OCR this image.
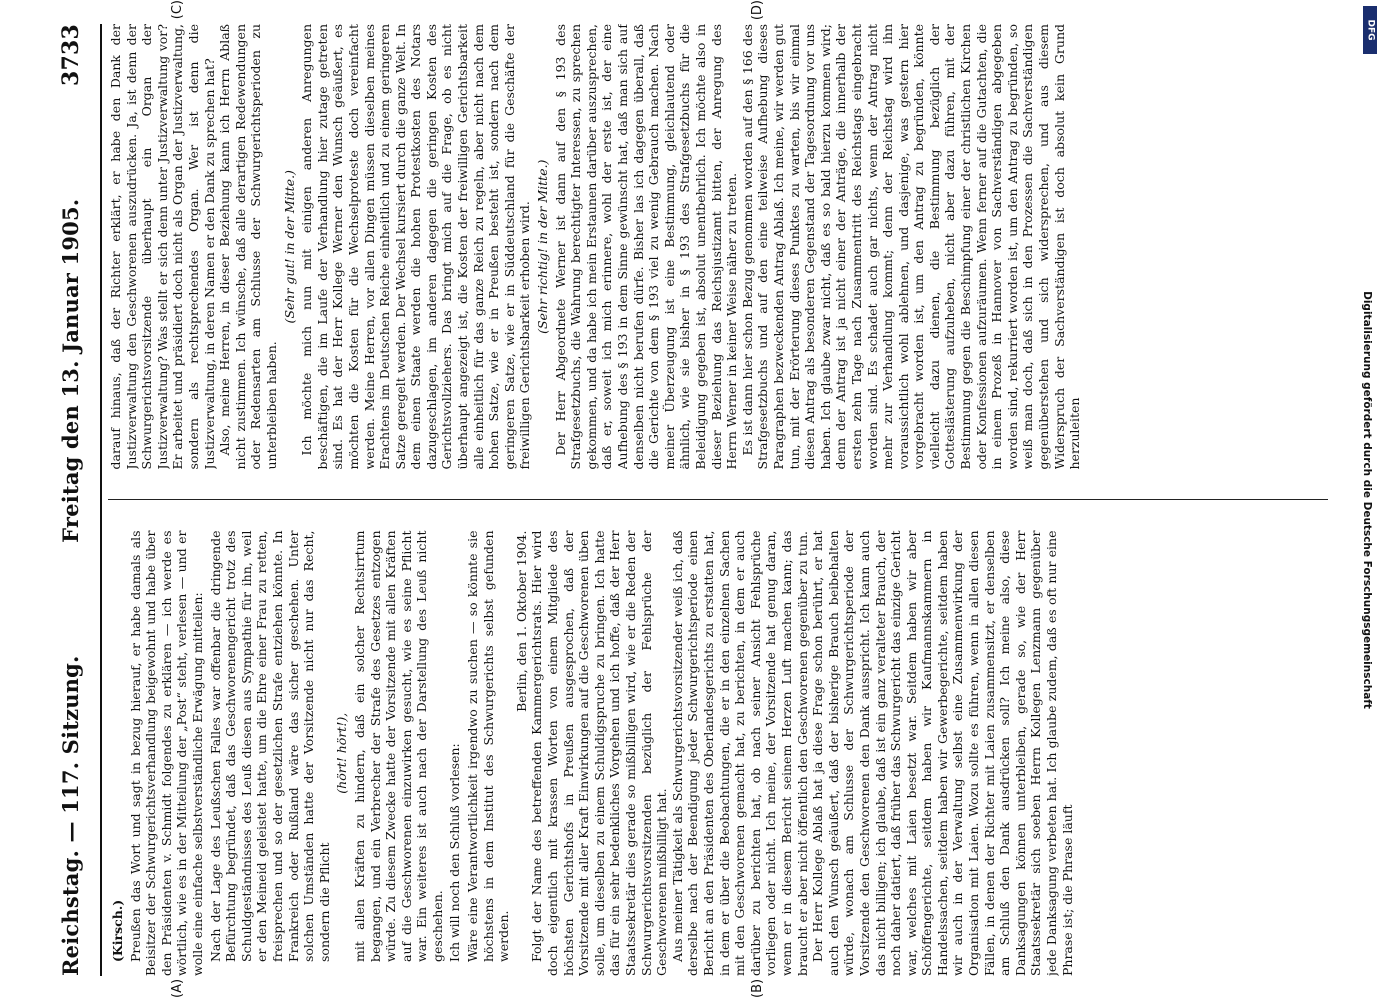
Reichstag. — 117. Sitzung.
Freitag den 13. Januar 1905.
3733

(Kirsch.) Preußen das Wort und sagt in bezug hierauf, er habe damals als Beisitzer der Schwurgerichtsverhandlung beigewohnt und habe über den Präsidenten v. Schmidt folgendes zu erklären — ich werde es wörtlich, wie es in der Mitteilung der „Post“ steht, verlesen — und er wolle eine einfache selbstverständliche Erwägung mitteilen: Nach der Lage des Leußschen Falles war offenbar die dringende Befürchtung begründet, daß das Geschworenengericht trotz des Schuldgeständnisses des Leuß diesen aus Sympathie für ihn, weil er den Meineid geleistet hatte, um die Ehre einer Frau zu retten, freisprechen und so der gesetzlichen Strafe entziehen könnte. In Frankreich oder Rußland wäre das sicher geschehen. Unter solchen Umständen hatte der Vorsitzende nicht nur das Recht, sondern die Pflicht

(hört! hört!), mit allen Kräften zu hindern, daß ein solcher Rechtsirrtum begangen, und ein Verbrecher der Strafe des Gesetzes entzogen würde. Zu diesem Zwecke hatte der Vorsitzende mit allen Kräften auf die Geschworenen einzuwirken gesucht, wie es seine Pflicht war. Ein weiteres ist auch nach der Darstellung des Leuß nicht geschehen. Ich will noch den Schluß vorlesen: Wäre eine Verantwortlichkeit irgendwo zu suchen — so könnte sie höchstens in dem Institut des Schwurgerichts selbst gefunden werden.

Berlin, den 1. Oktober 1904. Folgt der Name des betreffenden Kammergerichtsrats. Hier wird doch eigentlich mit krassen Worten von einem Mitgliede des höchsten Gerichtshofs in Preußen ausgesprochen, daß der Vorsitzende mit aller Kraft Einwirkungen auf die Geschworenen üben solle, um dieselben zu einem Schuldigspruche zu bringen. Ich hatte das für ein sehr bedenkliches Vorgehen und ich hoffe, daß der Herr Staatssekretär dies gerade so mißbilligen wird, wie er die Reden der Schwurgerichtsvorsitzenden bezüglich der Fehlsprüche der Geschworenen mißbilligt hat. Aus meiner Tätigkeit als Schwurgerichtsvorsitzender weiß ich, daß derselbe nach der Beendigung jeder Schwurgerichtsperiode einen Bericht an den Präsidenten des Oberlandesgerichts zu erstatten hat, in dem er über die Beobachtungen, die er in den einzelnen Sachen mit den Geschworenen gemacht hat, zu berichten, in dem er auch darüber zu berichten hat, ob nach seiner Ansicht Fehlsprüche vorliegen oder nicht. Ich meine, der Vorsitzende hat genug daran, wenn er in diesem Bericht seinem Herzen Luft machen kann; das braucht er aber nicht öffentlich den Geschworenen gegenüber zu tun. Der Herr Kollege Ablaß hat ja diese Frage schon berührt, er hat auch den Wunsch geäußert, daß der bisherige Brauch beibehalten würde, wonach am Schlusse der Schwurgerichtsperiode der Vorsitzende den Geschworenen den Dank ausspricht. Ich kann auch das nicht billigen; ich glaube, daß ist ein ganz veralteter Brauch, der noch daher datiert, daß früher das Schwurgericht das einzige Gericht war, welches mit Laien besetzt war. Seitdem haben wir aber Schöffengerichte, seitdem haben wir Kaufmannskammern in Handelssachen, seitdem haben wir Gewerbegerichte, seitdem haben wir auch in der Verwaltung selbst eine Zusammenwirkung der Organisation mit Laien. Wozu sollte es führen, wenn in allen diesen Fällen, in denen der Richter mit Laien zusammensitzt, er denselben am Schluß den Dank ausdrücken soll? Ich meine also, diese Danksagungen können unterbleiben, gerade so, wie der Herr Staatssekretär sich soeben Herrn Kollegen Lenzmann gegenüber jede Danksagung verbeten hat. Ich glaube zudem, daß es oft nur eine Phrase ist; die Phrase läuft

darauf hinaus, daß der Richter erklärt, er habe den Dank der Justizverwaltung den Geschworenen auszudrücken. Ja, ist denn der Schwurgerichtsvorsitzende überhaupt ein Organ der Justizverwaltung? Was stellt er sich denn unter Justizverwaltung vor? Er arbeitet und präsidiert doch nicht als Organ der Justizverwaltung, sondern als rechtsprechendes Organ. Wer ist denn die Justizverwaltung, in deren Namen er den Dank zu sprechen hat? Also, meine Herren, in dieser Beziehung kann ich Herrn Ablaß nicht zustimmen. Ich wünsche, daß alle derartigen Redewendungen oder Redensarten am Schlusse der Schwurgerichtsperioden zu unterbleiben haben.

(Sehr gut! in der Mitte.) Ich möchte mich nun mit einigen anderen Anregungen beschäftigen, die im Laufe der Verhandlung hier zutage getreten sind. Es hat der Herr Kollege Werner den Wunsch geäußert, es möchten die Kosten für die Wechselproteste doch vereinfacht werden. Meine Herren, vor allen Dingen müssen dieselben meines Erachtens im Deutschen Reiche einheitlich und zu einem geringeren Satze geregelt werden. Der Wechsel kursiert durch die ganze Welt. In dem einen Staate werden die hohen Protestkosten des Notars dazugeschlagen, im anderen dagegen die geringen Kosten des Gerichtsvollziehers. Das bringt mich auf die Frage, ob es nicht überhaupt angezeigt ist, die Kosten der freiwilligen Gerichtsbarkeit alle einheitlich für das ganze Reich zu regeln, aber nicht nach dem hohen Satze, wie er in Preußen besteht ist, sondern nach dem geringeren Satze, wie er in Süddeutschland für die Geschäfte der freiwilligen Gerichtsbarkeit erhoben wird. (Sehr richtig! in der Mitte.) Der Herr Abgeordnete Werner ist dann auf den § 193 des Strafgesetzbuchs, die Wahrung berechtigter Interessen, zu sprechen gekommen, und da habe ich mein Erstaunen darüber auszusprechen, daß er, soweit ich mich erinnere, wohl der erste ist, der eine Aufhebung des § 193 in dem Sinne gewünscht hat, daß man sich auf denselben nicht berufen dürfe. Bisher las ich dagegen überall, daß die Gerichte von dem § 193 viel zu wenig Gebrauch machen. Nach meiner Überzeugung ist eine Bestimmung, gleichlautend oder ähnlich, wie sie bisher in § 193 des Strafgesetzbuchs für die Beleidigung gegeben ist, absolut unentbehrlich. Ich möchte also in dieser Beziehung das Reichsjustizamt bitten, der Anregung des Herrn Werner in keiner Weise näher zu treten. Es ist dann hier schon Bezug genommen worden auf den § 166 des Strafgesetzbuchs und auf den eine teilweise Aufhebung dieses Paragraphen bezweckenden Antrag Ablaß. Ich meine, wir werden gut tun, mit der Erörterung dieses Punktes zu warten, bis wir einmal diesen Antrag als besonderen Gegenstand der Tagesordnung vor uns haben. Ich glaube zwar nicht, daß es so bald hierzu kommen wird; denn der Antrag ist ja nicht einer der Anträge, die innerhalb der ersten zehn Tage nach Zusammentritt des Reichstags eingebracht worden sind. Es schadet auch gar nichts, wenn der Antrag nicht mehr zur Verhandlung kommt; denn der Reichstag wird ihn voraussichtlich wohl ablehnen, und dasjenige, was gestern hier vorgebracht worden ist, um den Antrag zu begründen, könnte vielleicht dazu dienen, die Bestimmung bezüglich der Gotteslästerung aufzuheben, nicht aber dazu führen, mit der Bestimmung gegen die Beschimpfung einer der christlichen Kirchen oder Konfessionen aufzuräumen. Wenn ferner auf die Gutachten, die in einem Prozeß in Hannover von Sachverständigen abgegeben worden sind, rekurriert worden ist, um den Antrag zu begründen, so weiß man doch, daß sich in den Prozessen die Sachverständigen gegenüberstehen und sich widersprechen, und aus diesem Widerspruch der Sachverständigen ist doch absolut kein Grund herzuleiten

(A)	(B)
(C)	(D)
DFG
Digitalisierung gefördert durch die Deutsche Forschungsgemeinschaft
